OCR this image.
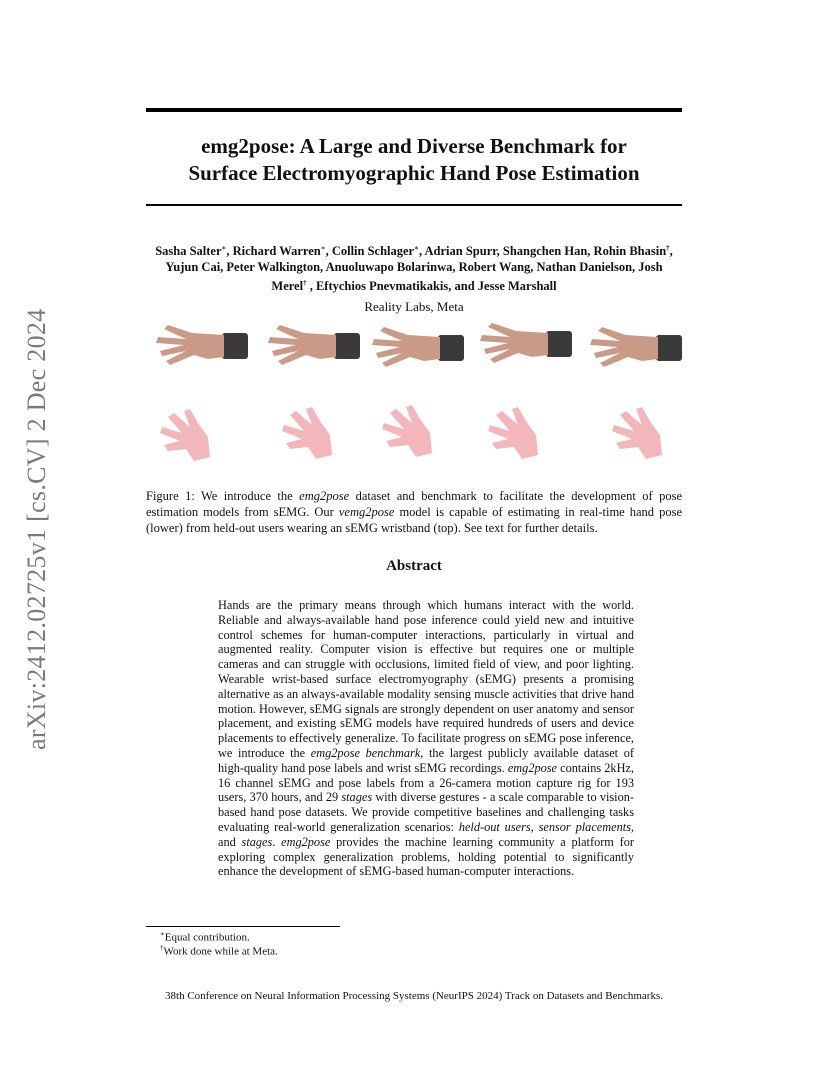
arXiv:2412.02725v1 [cs.CV] 2 Dec 2024
emg2pose: A Large and Diverse Benchmark for
Surface Electromyographic Hand Pose Estimation

Sasha Salter∗, Richard Warren∗, Collin Schlager∗, Adrian Spurr, Shangchen Han, Rohin Bhasin†, Yujun Cai, Peter Walkington, Anuoluwapo Bolarinwa, Robert Wang, Nathan Danielson, Josh Merel† , Eftychios Pnevmatikakis, and Jesse Marshall

Reality Labs, Meta

Figure 1: We introduce the emg2pose dataset and benchmark to facilitate the development of pose estimation models from sEMG. Our vemg2pose model is capable of estimating in real-time hand pose (lower) from held-out users wearing an sEMG wristband (top). See text for further details.

Abstract

Hands are the primary means through which humans interact with the world. Reliable and always-available hand pose inference could yield new and intuitive control schemes for human-computer interactions, particularly in virtual and augmented reality. Computer vision is effective but requires one or multiple cameras and can struggle with occlusions, limited field of view, and poor lighting. Wearable wrist-based surface electromyography (sEMG) presents a promising alternative as an always-available modality sensing muscle activities that drive hand motion. However, sEMG signals are strongly dependent on user anatomy and sensor placement, and existing sEMG models have required hundreds of users and device placements to effectively generalize. To facilitate progress on sEMG pose inference, we introduce the emg2pose benchmark, the largest publicly available dataset of high-quality hand pose labels and wrist sEMG recordings. emg2pose contains 2kHz, 16 channel sEMG and pose labels from a 26-camera motion capture rig for 193 users, 370 hours, and 29 stages with diverse gestures - a scale comparable to vision-based hand pose datasets. We provide competitive baselines and challenging tasks evaluating real-world generalization scenarios: held-out users, sensor placements, and stages. emg2pose provides the machine learning community a platform for exploring complex generalization problems, holding potential to significantly enhance the development of sEMG-based human-computer interactions.

∗Equal contribution.
†Work done while at Meta.
38th Conference on Neural Information Processing Systems (NeurIPS 2024) Track on Datasets and Benchmarks.
